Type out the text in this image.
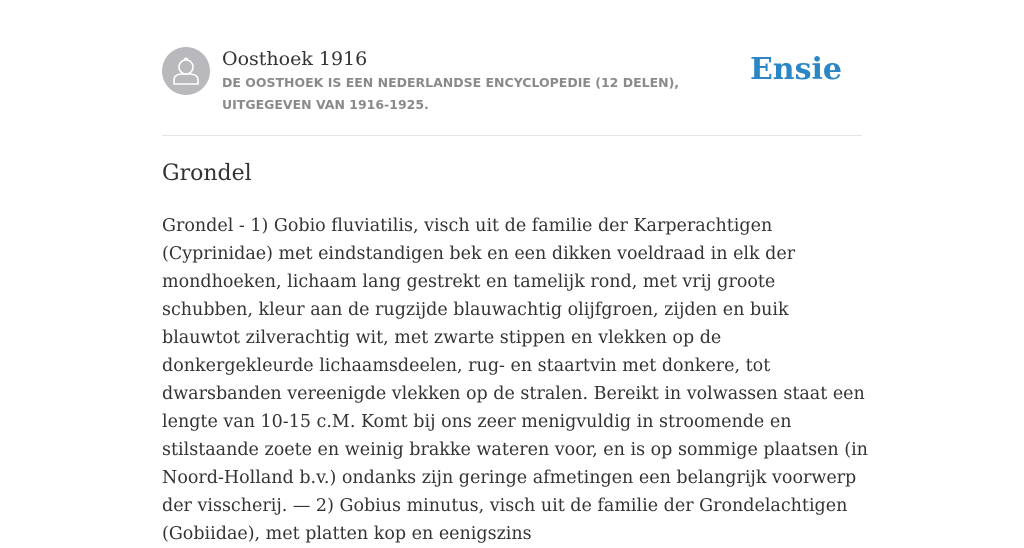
Oosthoek 1916
DE OOSTHOEK IS EEN NEDERLANDSE ENCYCLOPEDIE (12 DELEN), UITGEGEVEN VAN 1916-1925.
Ensie
Grondel

Grondel - 1) Gobio fluviatilis, visch uit de familie der Karperachtigen (Cyprinidae) met eindstandigen bek en een dikken voeldraad in elk der mondhoeken, lichaam lang gestrekt en tamelijk rond, met vrij groote schubben, kleur aan de rugzijde blauwachtig olijfgroen, zijden en buik blauwtot zilverachtig wit, met zwarte stippen en vlekken op de donkergekleurde lichaamsdeelen, rug- en staartvin met donkere, tot dwarsbanden vereenigde vlekken op de stralen. Bereikt in volwassen staat een lengte van 10-15 c.M. Komt bij ons zeer menigvuldig in stroomende en stilstaande zoete en weinig brakke wateren voor, en is op sommige plaatsen (in Noord-Holland b.v.) ondanks zijn geringe afmetingen een belangrijk voorwerp der visscherij. — 2) Gobius minutus, visch uit de familie der Grondelachtigen (Gobiidae), met platten kop en eenigszins
